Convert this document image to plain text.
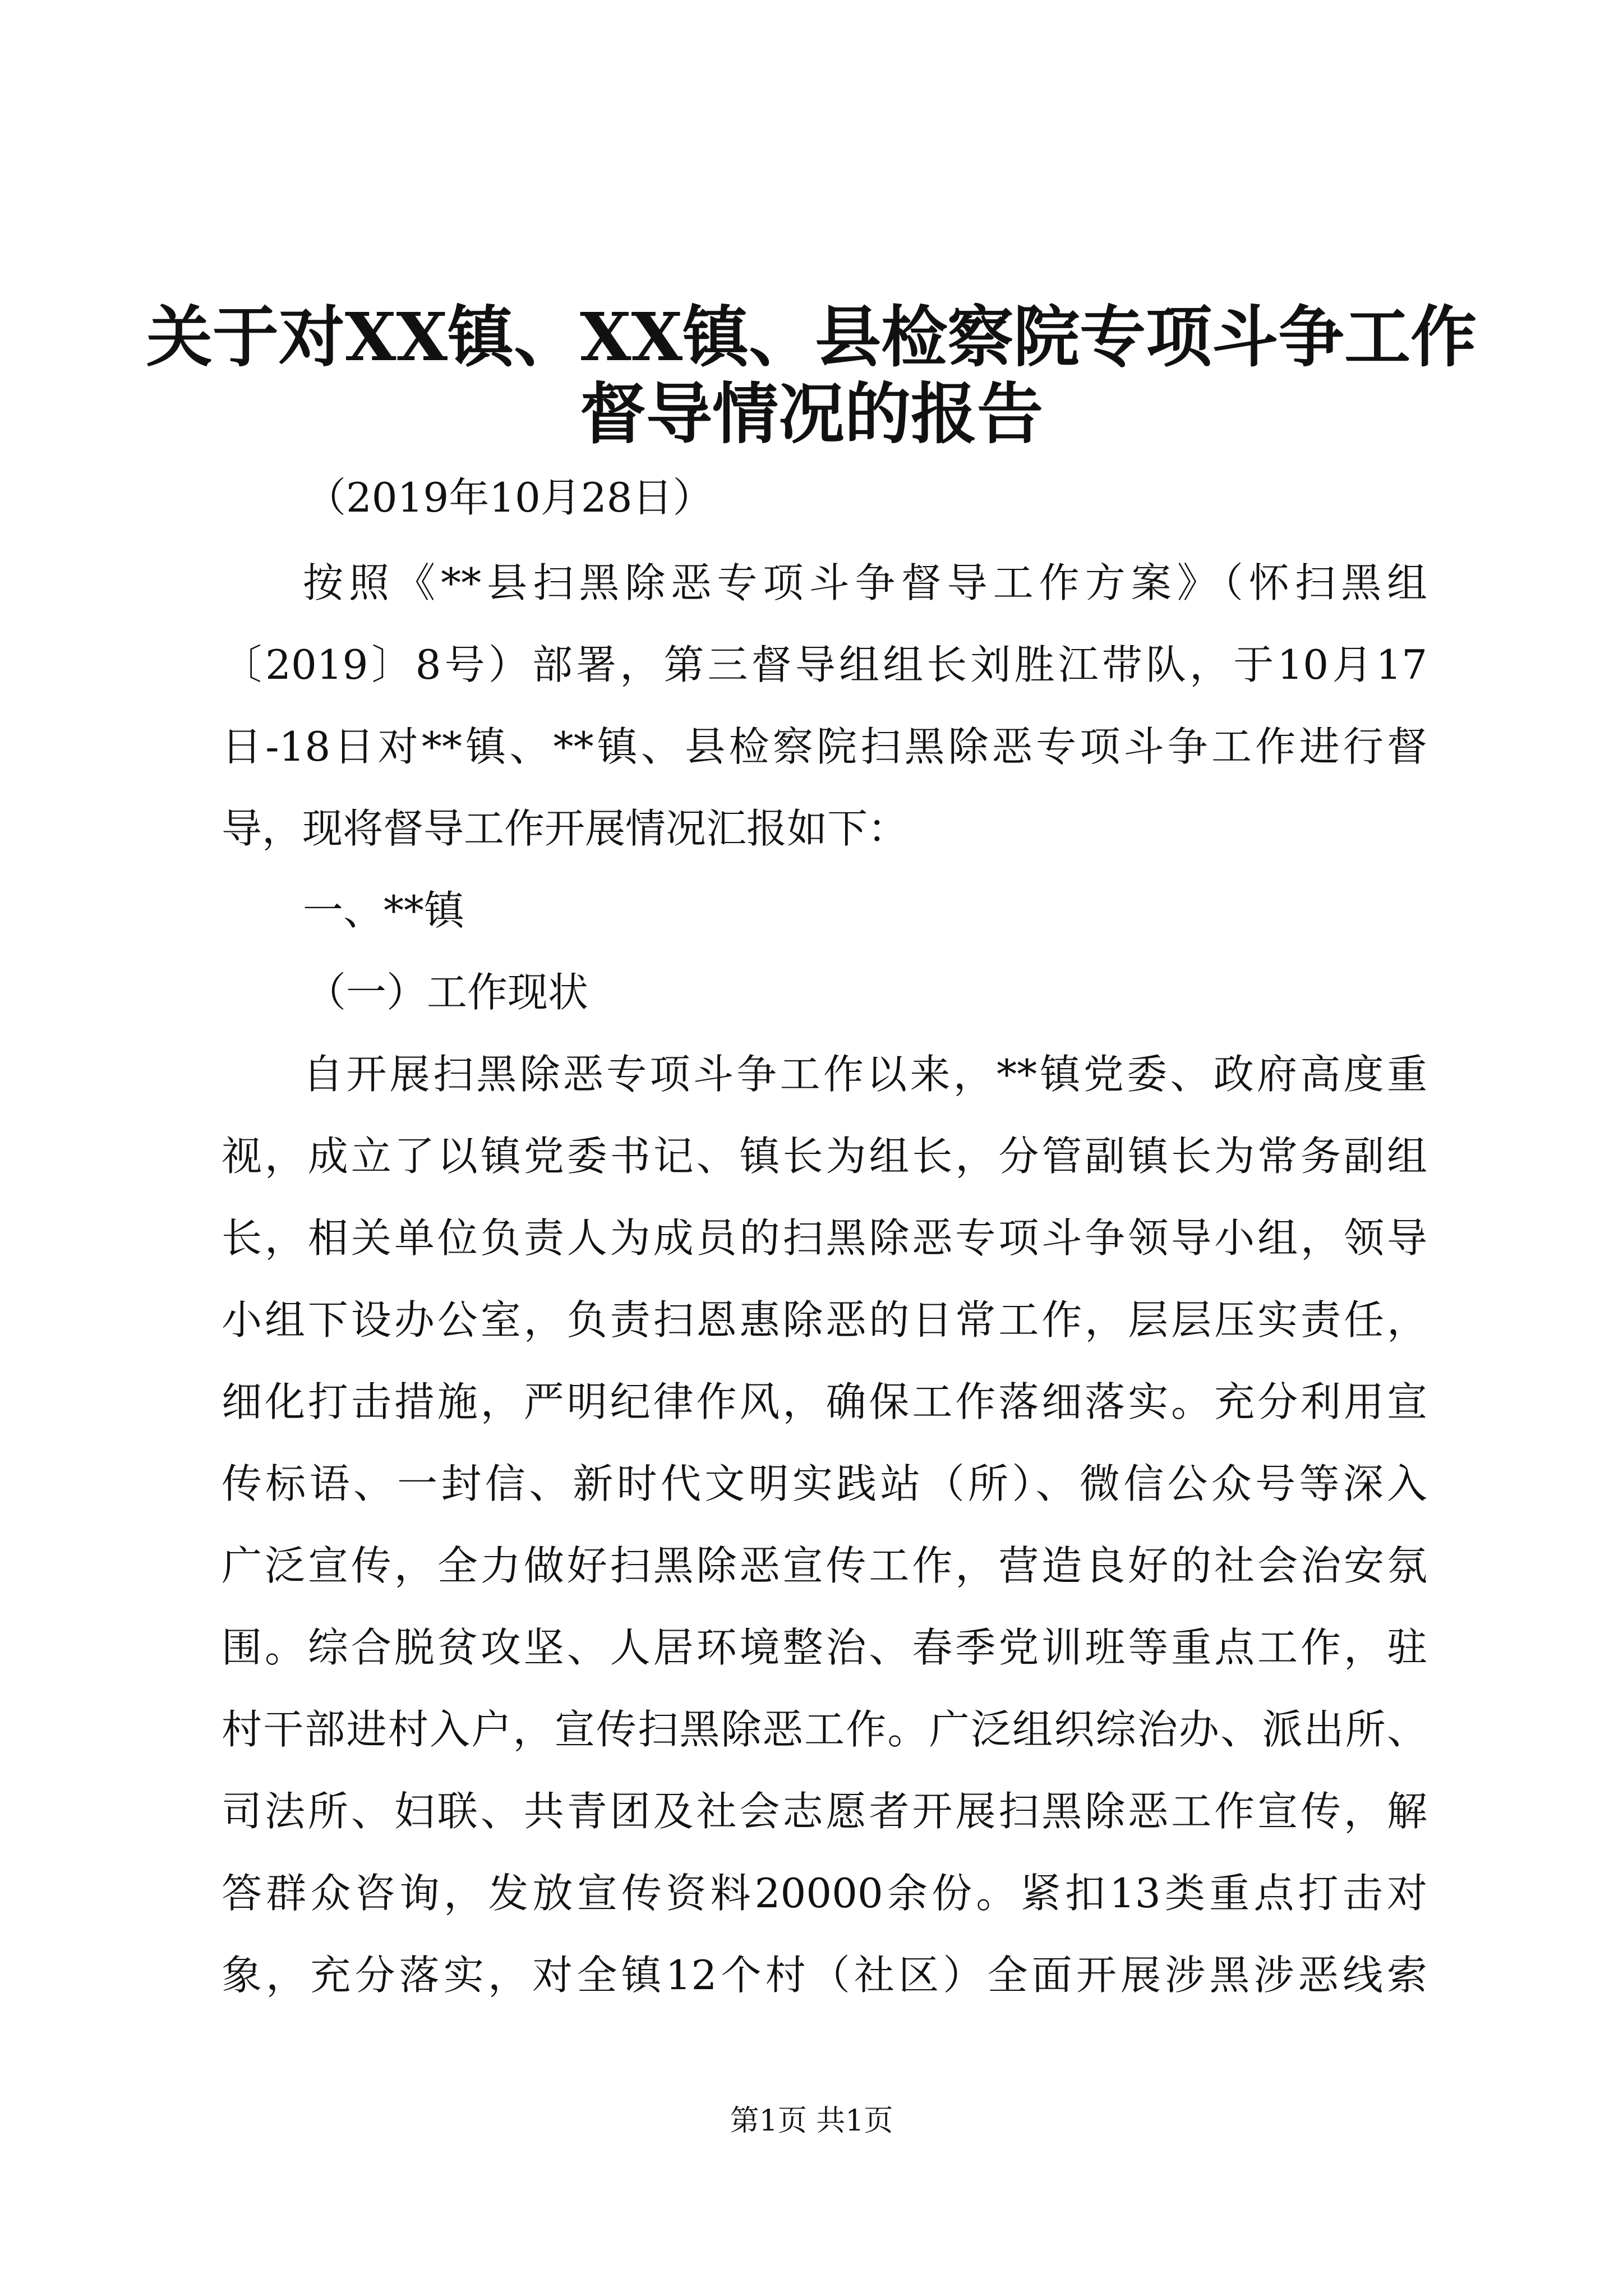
关于对XX镇、XX镇、县检察院专项斗争工作
督导情况的报告
（2019年10月28日）
按照《**县扫黑除恶专项斗争督导工作方案》（怀扫黑组
〔2019〕8号）部署，第三督导组组长刘胜江带队，于10月17
日-18日对**镇、**镇、县检察院扫黑除恶专项斗争工作进行督
导，现将督导工作开展情况汇报如下：
一、**镇
（一）工作现状
自开展扫黑除恶专项斗争工作以来，**镇党委、政府高度重
视，成立了以镇党委书记、镇长为组长，分管副镇长为常务副组
长，相关单位负责人为成员的扫黑除恶专项斗争领导小组，领导
小组下设办公室，负责扫恩惠除恶的日常工作，层层压实责任，
细化打击措施，严明纪律作风，确保工作落细落实。充分利用宣
传标语、一封信、新时代文明实践站（所）、微信公众号等深入
广泛宣传，全力做好扫黑除恶宣传工作，营造良好的社会治安氛
围。综合脱贫攻坚、人居环境整治、春季党训班等重点工作，驻
村干部进村入户，宣传扫黑除恶工作。广泛组织综治办、派出所、
司法所、妇联、共青团及社会志愿者开展扫黑除恶工作宣传，解
答群众咨询，发放宣传资料20000余份。紧扣13类重点打击对
象，充分落实，对全镇12个村（社区）全面开展涉黑涉恶线索
第1页 共1页
